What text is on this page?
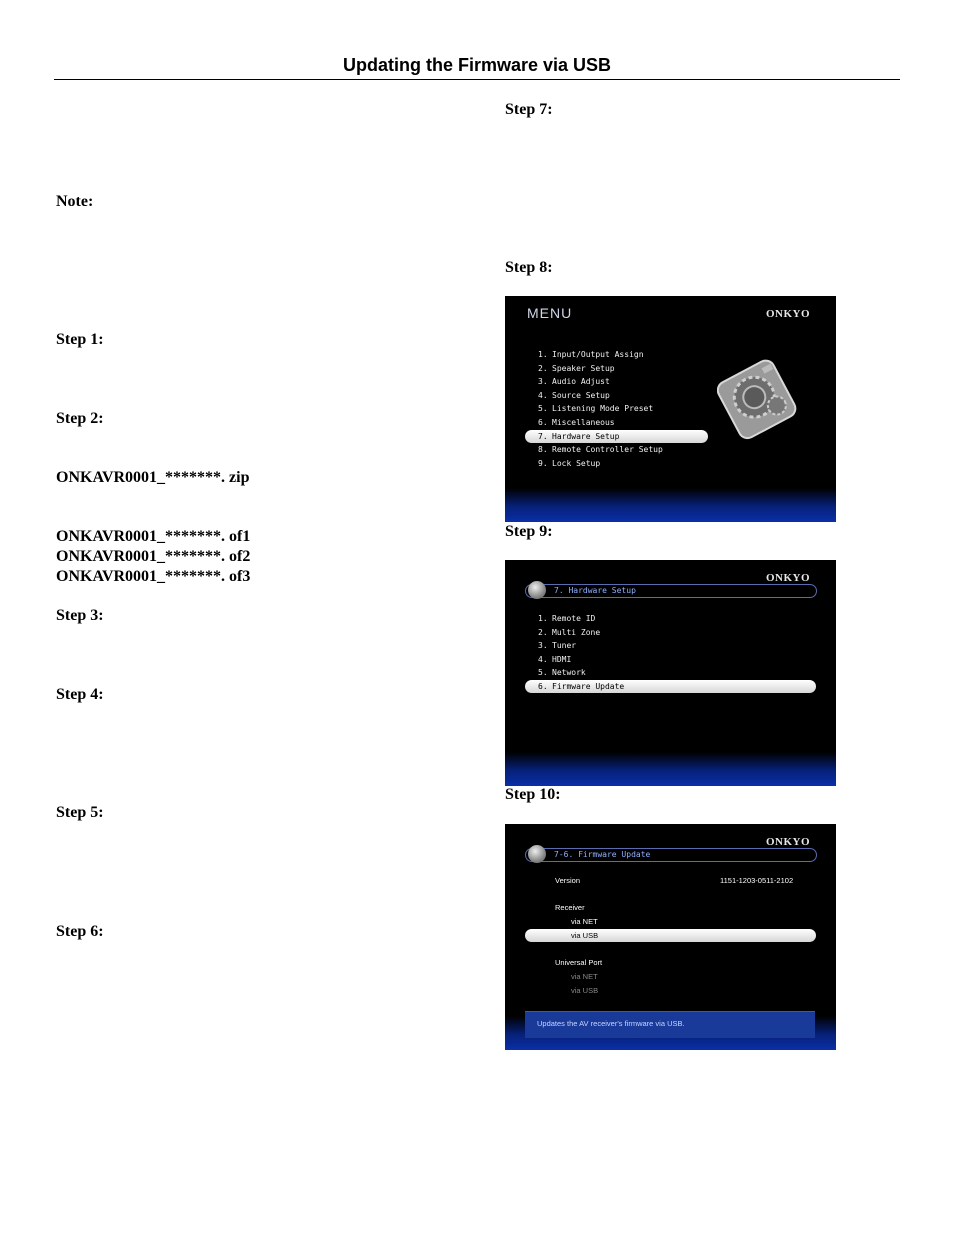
Updating the Firmware via USB
Note:
Step 1:
Step 2:
ONKAVR0001_*******. zip
ONKAVR0001_*******. of1
ONKAVR0001_*******. of2
ONKAVR0001_*******. of3
Step 3:
Step 4:
Step 5:
Step 6:
Step 7:
Step 8:
Step 9:
Step 10:
MENU	ONKYO
1. Input/Output Assign
2. Speaker Setup
3. Audio Adjust
4. Source Setup
5. Listening Mode Preset
6. Miscellaneous
7. Hardware Setup
8. Remote Controller Setup
9. Lock Setup
ONKYO
7. Hardware Setup
1. Remote ID
2. Multi Zone
3. Tuner
4. HDMI
5. Network
6. Firmware Update
ONKYO
7-6. Firmware Update
Version	1151-1203-0511-2102
Receiver
via NET
via USB
Universal Port
via NET
via USB
Updates the AV receiver's firmware via USB.
